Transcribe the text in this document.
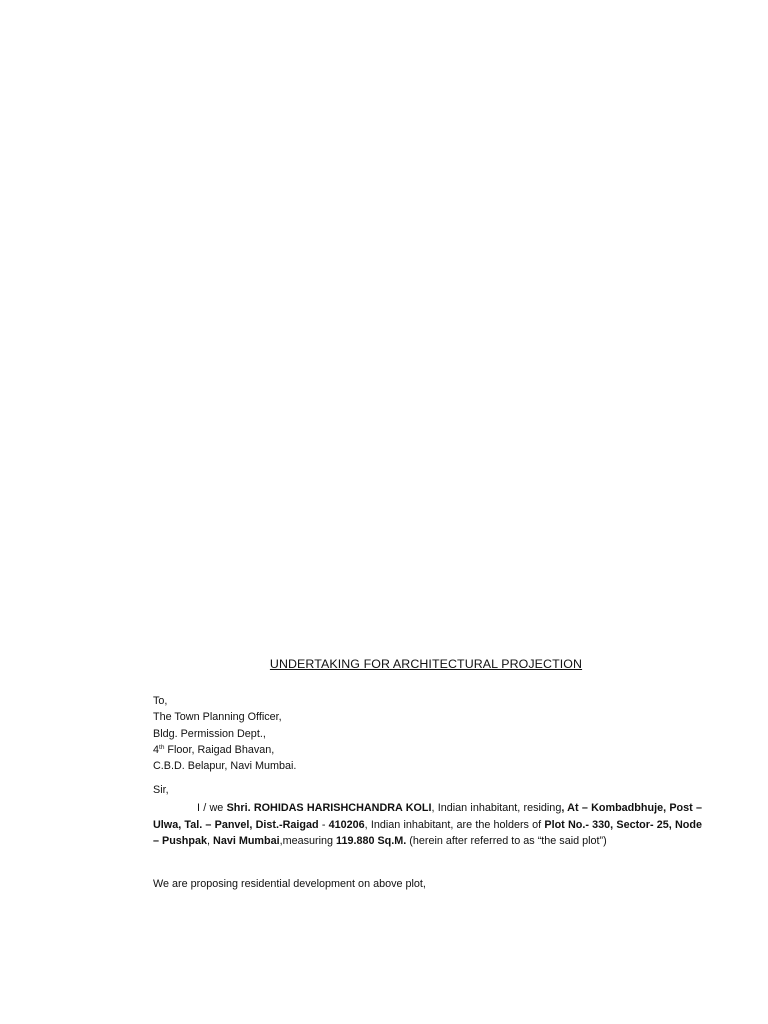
UNDERTAKING FOR ARCHITECTURAL PROJECTION
To,
The Town Planning Officer,
Bldg. Permission Dept.,
4th Floor, Raigad Bhavan,
C.B.D. Belapur, Navi Mumbai.
Sir,
I / we Shri. ROHIDAS HARISHCHANDRA KOLI, Indian inhabitant, residing, At – Kombadbhuje, Post – Ulwa, Tal. – Panvel, Dist.-Raigad - 410206, Indian inhabitant, are the holders of Plot No.- 330, Sector- 25, Node – Pushpak, Navi Mumbai,measuring 119.880 Sq.M. (herein after referred to as “the said plot”)
We are proposing residential development on above plot,
